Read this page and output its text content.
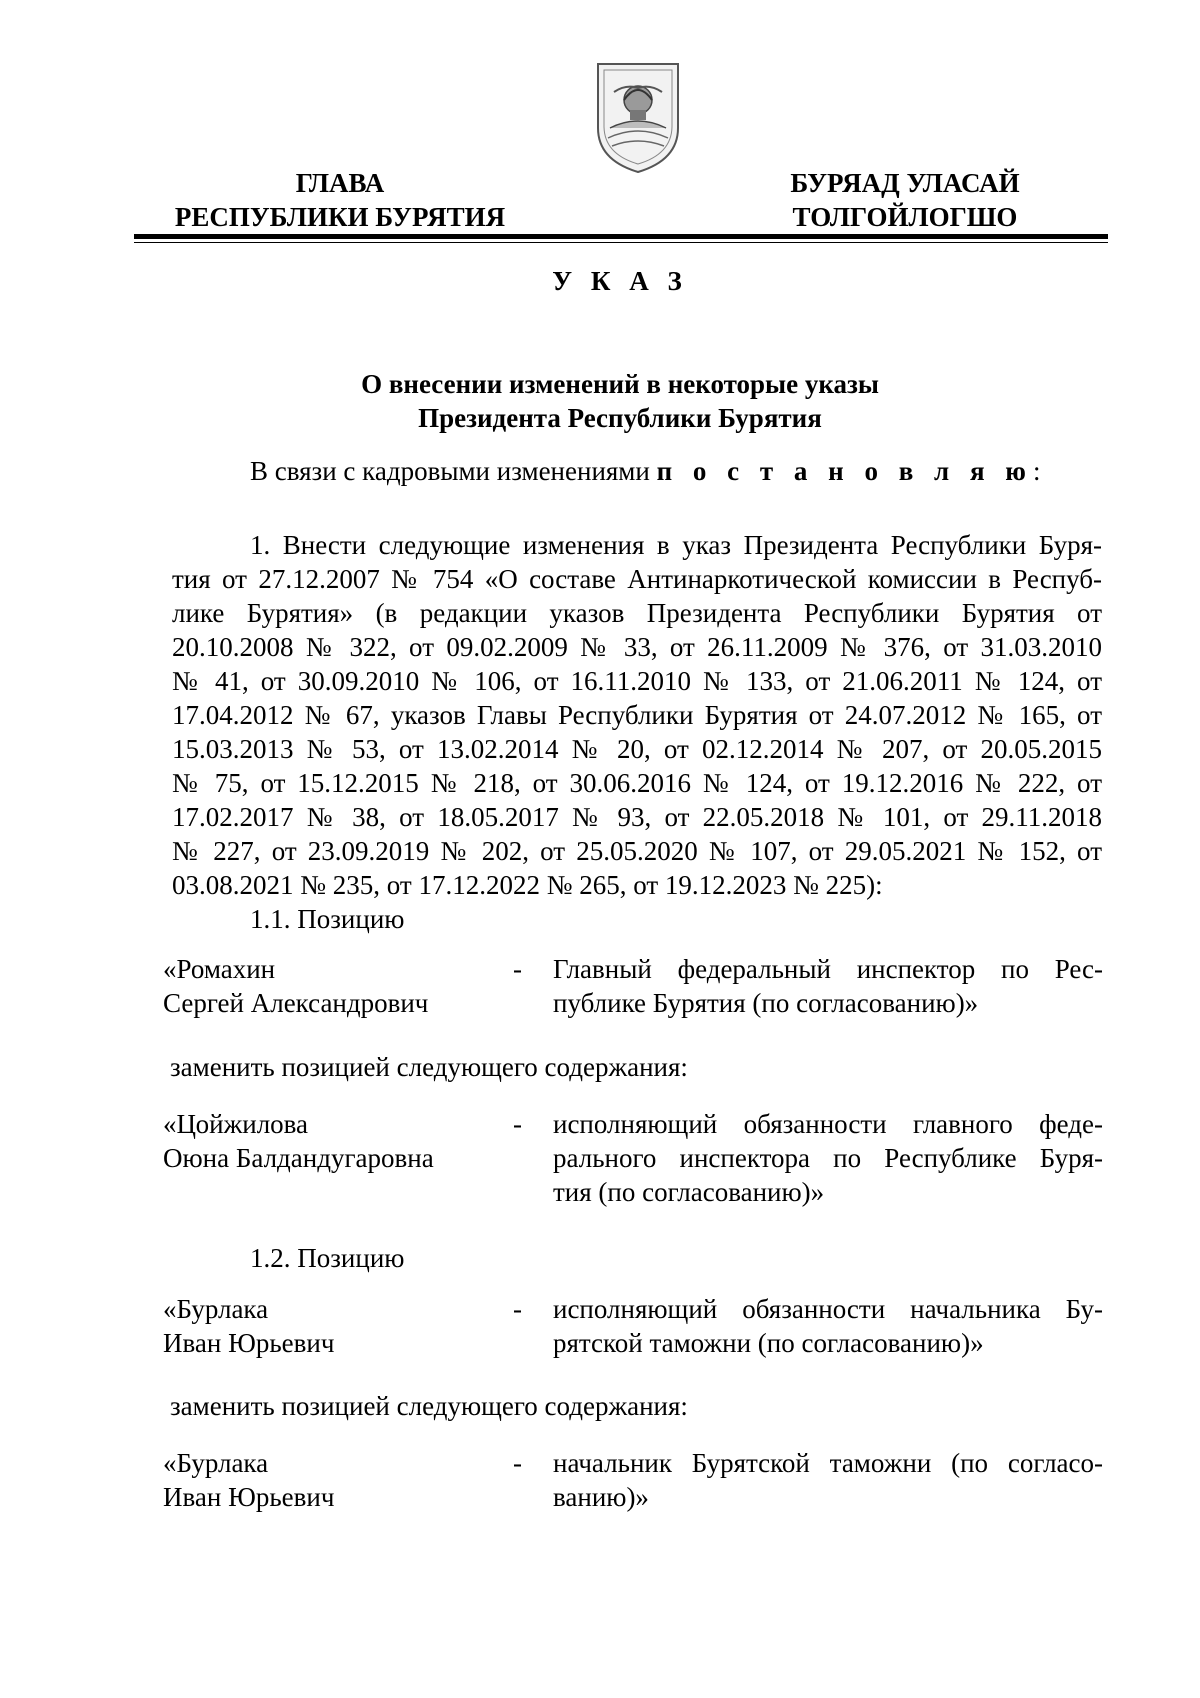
ГЛАВА
РЕСПУБЛИКИ БУРЯТИЯ
БУРЯАД УЛАСАЙ
ТОЛГОЙЛОГШО
У К А З
О внесении изменений в некоторые указы
Президента Республики Бурятия
В связи с кадровыми изменениями п о с т а н о в л я ю:
1. Внести следующие изменения в указ Президента Республики Буря-
тия от 27.12.2007 № 754 «О составе Антинаркотической комиссии в Респуб-
лике Бурятия» (в редакции указов Президента Республики Бурятия от
20.10.2008 № 322, от 09.02.2009 № 33, от 26.11.2009 № 376, от 31.03.2010
№ 41, от 30.09.2010 № 106, от 16.11.2010 № 133, от 21.06.2011 № 124, от
17.04.2012 № 67, указов Главы Республики Бурятия от 24.07.2012 № 165, от
15.03.2013 № 53, от 13.02.2014 № 20, от 02.12.2014 № 207, от 20.05.2015
№ 75, от 15.12.2015 № 218, от 30.06.2016 № 124, от 19.12.2016 № 222, от
17.02.2017 № 38, от 18.05.2017 № 93, от 22.05.2018 № 101, от 29.11.2018
№ 227, от 23.09.2019 № 202, от 25.05.2020 № 107, от 29.05.2021 № 152, от
03.08.2021 № 235, от 17.12.2022 № 265, от 19.12.2023 № 225):
1.1. Позицию
«Ромахин
Сергей Александрович
-	Главный федеральный инспектор по Рес-
публике Бурятия (по согласованию)»
заменить позицией следующего содержания:
«Цойжилова
Оюна Балдандугаровна
-	исполняющий обязанности главного феде-
рального инспектора по Республике Буря-
тия (по согласованию)»
1.2. Позицию
«Бурлака
Иван Юрьевич
-	исполняющий обязанности начальника Бу-
рятской таможни (по согласованию)»
заменить позицией следующего содержания:
«Бурлака
Иван Юрьевич
-	начальник Бурятской таможни (по согласо-
ванию)»
